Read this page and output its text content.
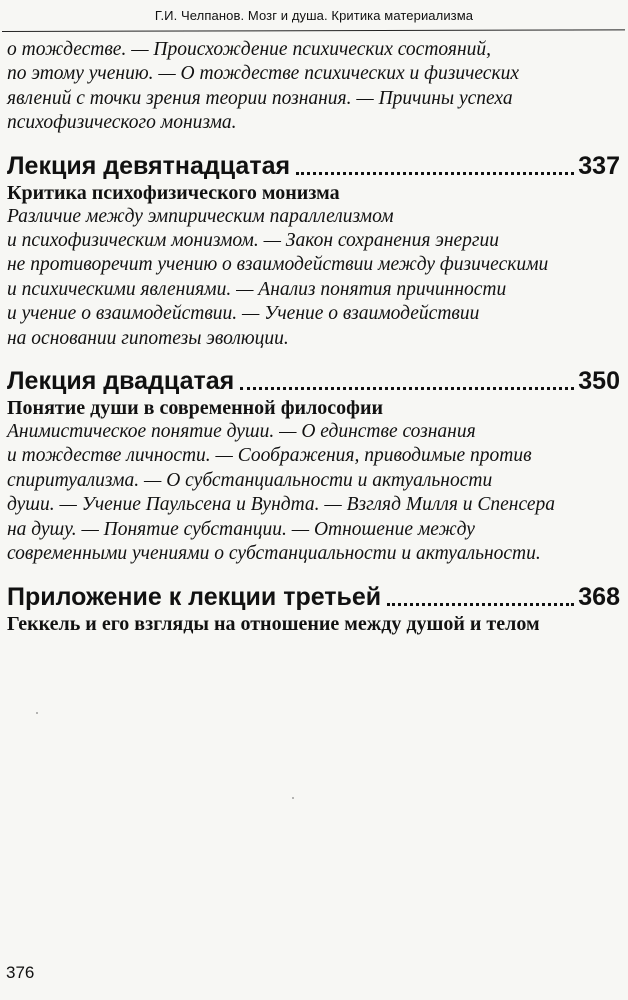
Г.И. Челпанов. Мозг и душа. Критика материализма

о тождестве. — Происхождение психических состояний,

по этому учению. — О тождестве психических и физических

явлений с точки зрения теории познания. — Причины успеха

психофизического монизма.

Лекция девятнадцатая	337
Критика психофизического монизма

Различие между эмпирическим параллелизмом

и психофизическим монизмом. — Закон сохранения энергии

не противоречит учению о взаимодействии между физическими

и психическими явлениями. — Анализ понятия причинности

и учение о взаимодействии. — Учение о взаимодействии

на основании гипотезы эволюции.

Лекция двадцатая	350
Понятие души в современной философии

Анимистическое понятие души. — О единстве сознания

и тождестве личности. — Соображения, приводимые против

спиритуализма. — О субстанциальности и актуальности

души. — Учение Паульсена и Вундта. — Взгляд Милля и Спенсера

на душу. — Понятие субстанции. — Отношение между

современными учениями о субстанциальности и актуальности.

Приложение к лекции третьей	368
Геккель и его взгляды на отношение между душой и телом
376
